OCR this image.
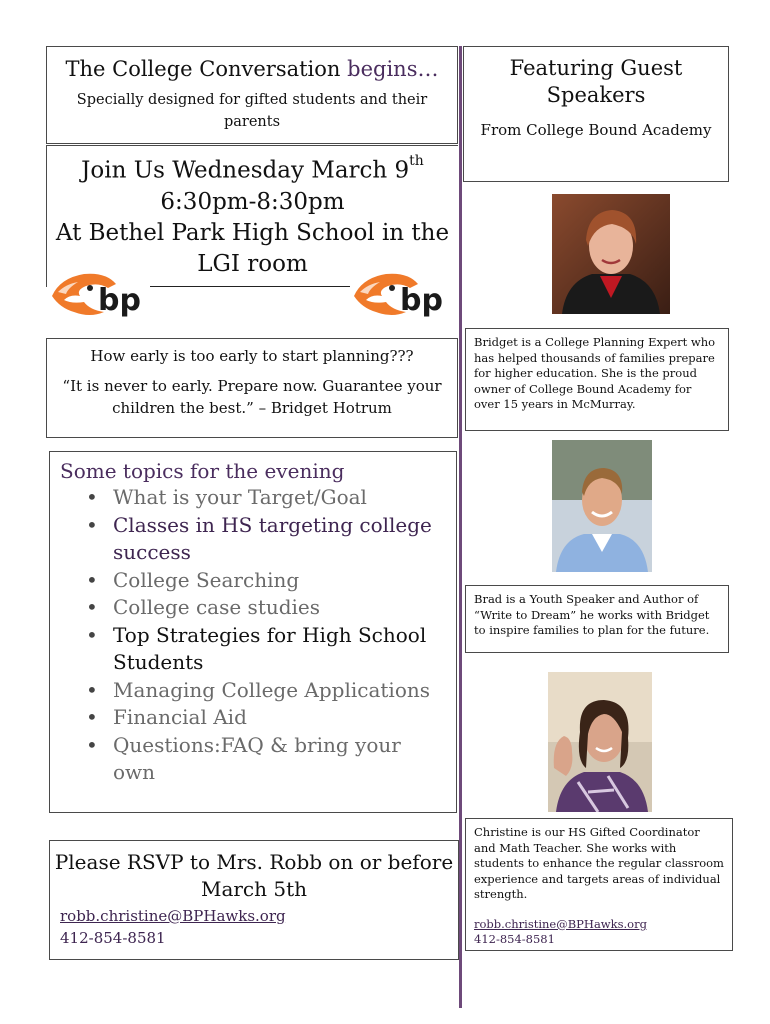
The College Conversation begins…
Specially designed for gifted students and their parents
Join Us Wednesday March 9th
6:30pm-8:30pm
At Bethel Park High School in the LGI room
bp	bp
How early is too early to start planning???
“It is never to early. Prepare now. Guarantee your children the best.” – Bridget Hotrum
Some topics for the evening
• What is your Target/Goal
• Classes in HS targeting college success
• College Searching
• College case studies
• Top Strategies for High School Students
• Managing College Applications
• Financial Aid
• Questions:FAQ & bring your own
Please RSVP to Mrs. Robb on or before March 5th
robb.christine@BPHawks.org
412-854-8581
Featuring Guest Speakers
From College Bound Academy
Bridget is a College Planning Expert who has helped thousands of families prepare for higher education. She is the proud owner of College Bound Academy for over 15 years in McMurray.
Brad is a Youth Speaker and Author of “Write to Dream” he works with Bridget to inspire families to plan for the future.
Christine is our HS Gifted Coordinator and Math Teacher. She works with students to enhance the regular classroom experience and targets areas of individual strength.
robb.christine@BPHawks.org
412-854-8581
